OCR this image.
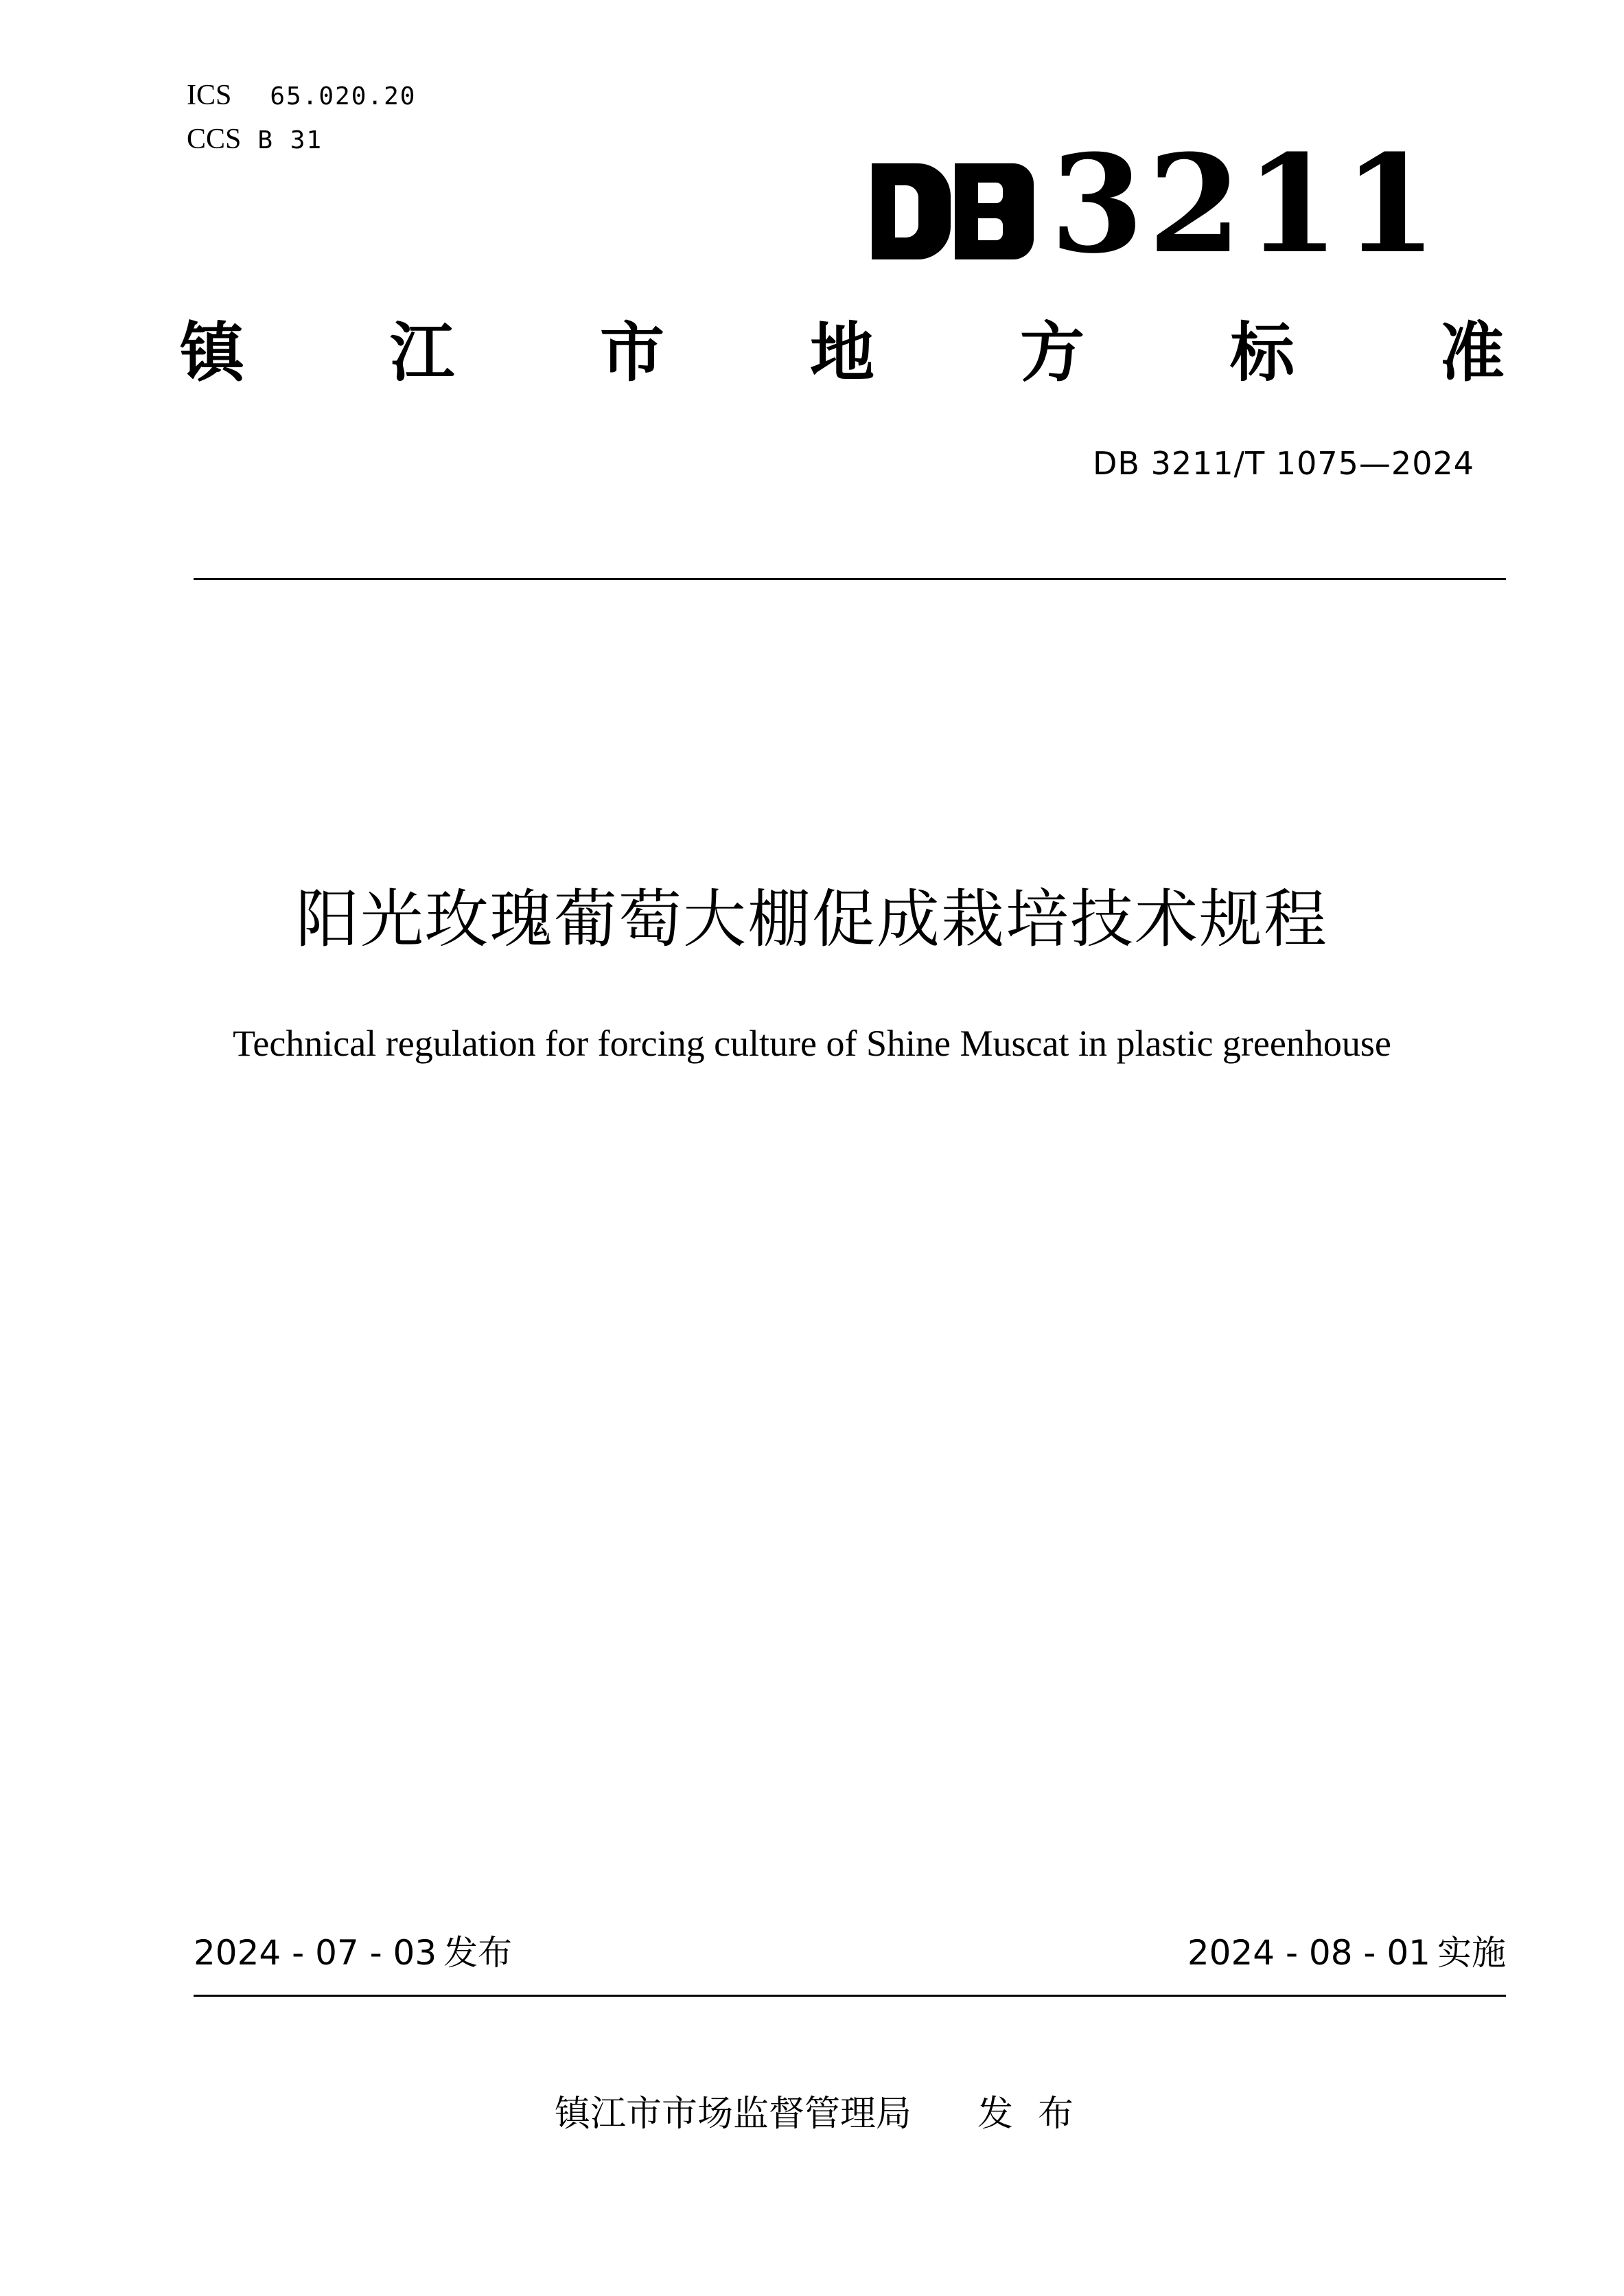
ICS 65.020.20
CCS B 31	3211
镇 江 市 地 方 标 准
DB 3211/T 1075—2024
阳光玫瑰葡萄大棚促成栽培技术规程
Technical regulation for forcing culture of Shine Muscat in plastic greenhouse
2024 - 07 - 03 发布	2024 - 08 - 01 实施
镇江市市场监督管理局 发布
